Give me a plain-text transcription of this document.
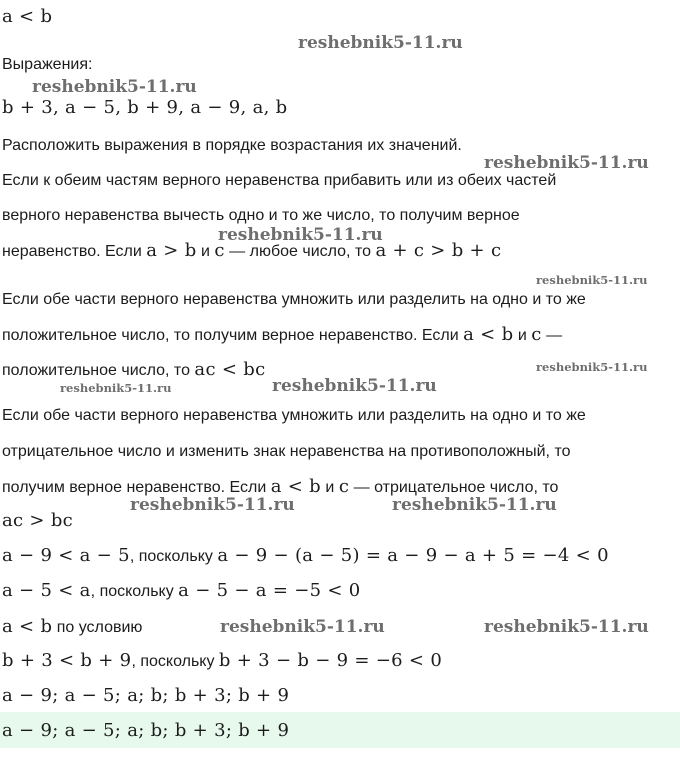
a < b
Выражения:
b + 3, a − 5, b + 9, a − 9, a, b
Расположить выражения в порядке возрастания их значений.
Если к обеим частям верного неравенства прибавить или из обеих частей
верного неравенства вычесть одно и то же число, то получим верное
неравенство. Если a > b и c — любое число, то a + c > b + c
Если обе части верного неравенства умножить или разделить на одно и то же
положительное число, то получим верное неравенство. Если a < b и c —
положительное число, то ac < bc
Если обе части верного неравенства умножить или разделить на одно и то же
отрицательное число и изменить знак неравенства на противоположный, то
получим верное неравенство. Если a < b и c — отрицательное число, то
ac > bc
a − 9 < a − 5, поскольку a − 9 − (a − 5) = a − 9 − a + 5 = −4 < 0
a − 5 < a, поскольку a − 5 − a = −5 < 0
a < b по условию
b + 3 < b + 9, поскольку b + 3 − b − 9 = −6 < 0
a − 9; a − 5; a; b; b + 3; b + 9
a − 9; a − 5; a; b; b + 3; b + 9
reshebnik5-11.ru
reshebnik5-11.ru
reshebnik5-11.ru
reshebnik5-11.ru
reshebnik5-11.ru
reshebnik5-11.ru
reshebnik5-11.ru	reshebnik5-11.ru
reshebnik5-11.ru	reshebnik5-11.ru
reshebnik5-11.ru	reshebnik5-11.ru
